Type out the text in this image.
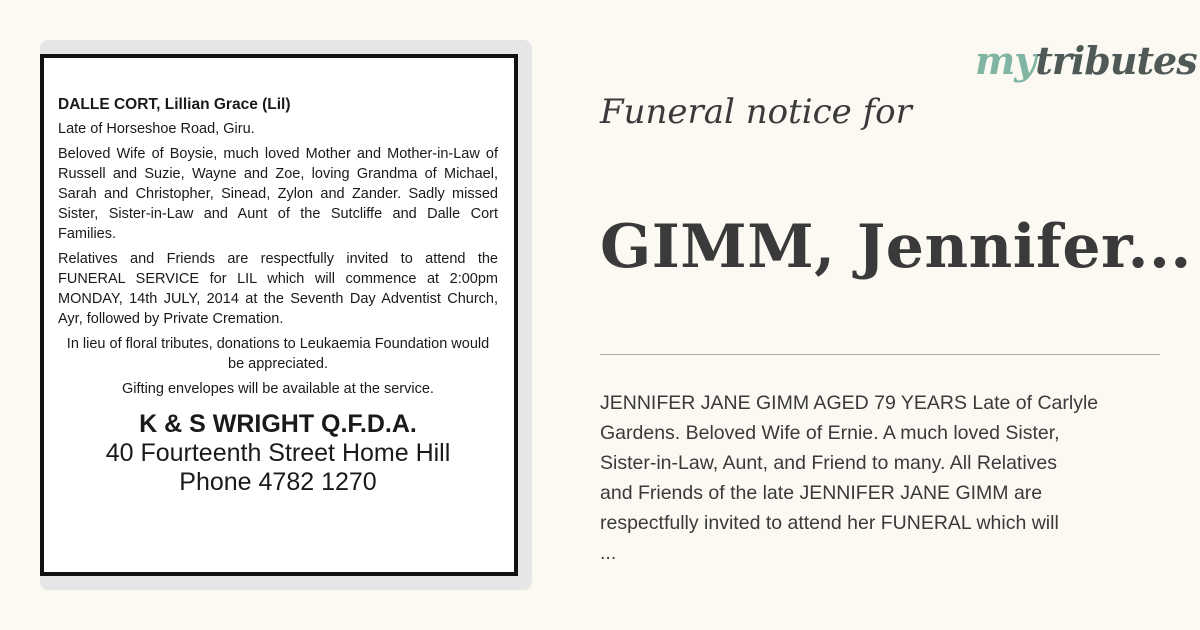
DALLE CORT, Lillian Grace (Lil)

Late of Horseshoe Road, Giru.

Beloved Wife of Boysie, much loved Mother and Mother-in-Law of Russell and Suzie, Wayne and Zoe, loving Grandma of Michael, Sarah and Christopher, Sinead, Zylon and Zander. Sadly missed Sister, Sister-in-Law and Aunt of the Sutcliffe and Dalle Cort Families.

Relatives and Friends are respectfully invited to attend the FUNERAL SERVICE for LIL which will commence at 2:00pm MONDAY, 14th JULY, 2014 at the Seventh Day Adventist Church, Ayr, followed by Private Cremation.

In lieu of floral tributes, donations to Leukaemia Foundation would be appreciated.

Gifting envelopes will be available at the service.

K & S WRIGHT Q.F.D.A.
40 Fourteenth Street Home Hill
Phone 4782 1270
mytributes
Funeral notice for
GIMM, Jennifer...
JENNIFER JANE GIMM AGED 79 YEARS Late of Carlyle
Gardens. Beloved Wife of Ernie. A much loved Sister,
Sister-in-Law, Aunt, and Friend to many. All Relatives
and Friends of the late JENNIFER JANE GIMM are
respectfully invited to attend her FUNERAL which will
...
